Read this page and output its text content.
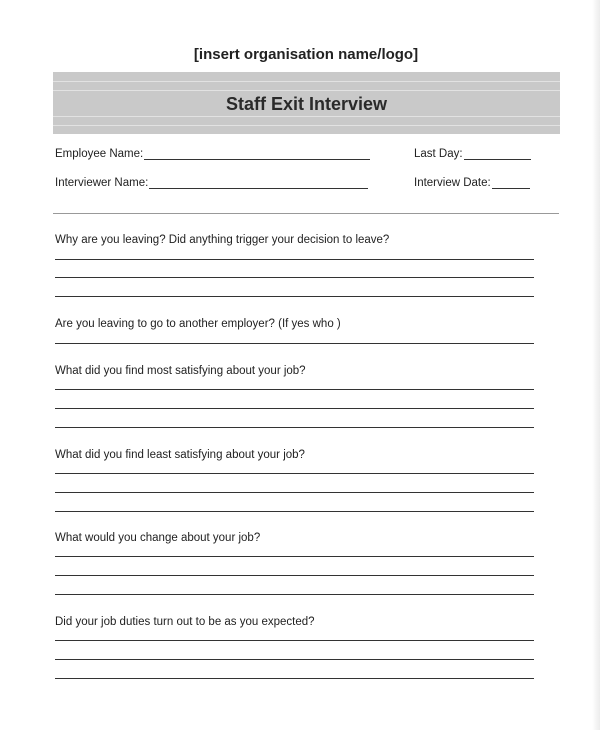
[insert organisation name/logo]
Staff Exit Interview
Employee Name:	Last Day:
Interviewer Name:	Interview Date:
Why are you leaving? Did anything trigger your decision to leave?
Are you leaving to go to another employer? (If yes who )
What did you find most satisfying about your job?
What did you find least satisfying about your job?
What would you change about your job?
Did your job duties turn out to be as you expected?
